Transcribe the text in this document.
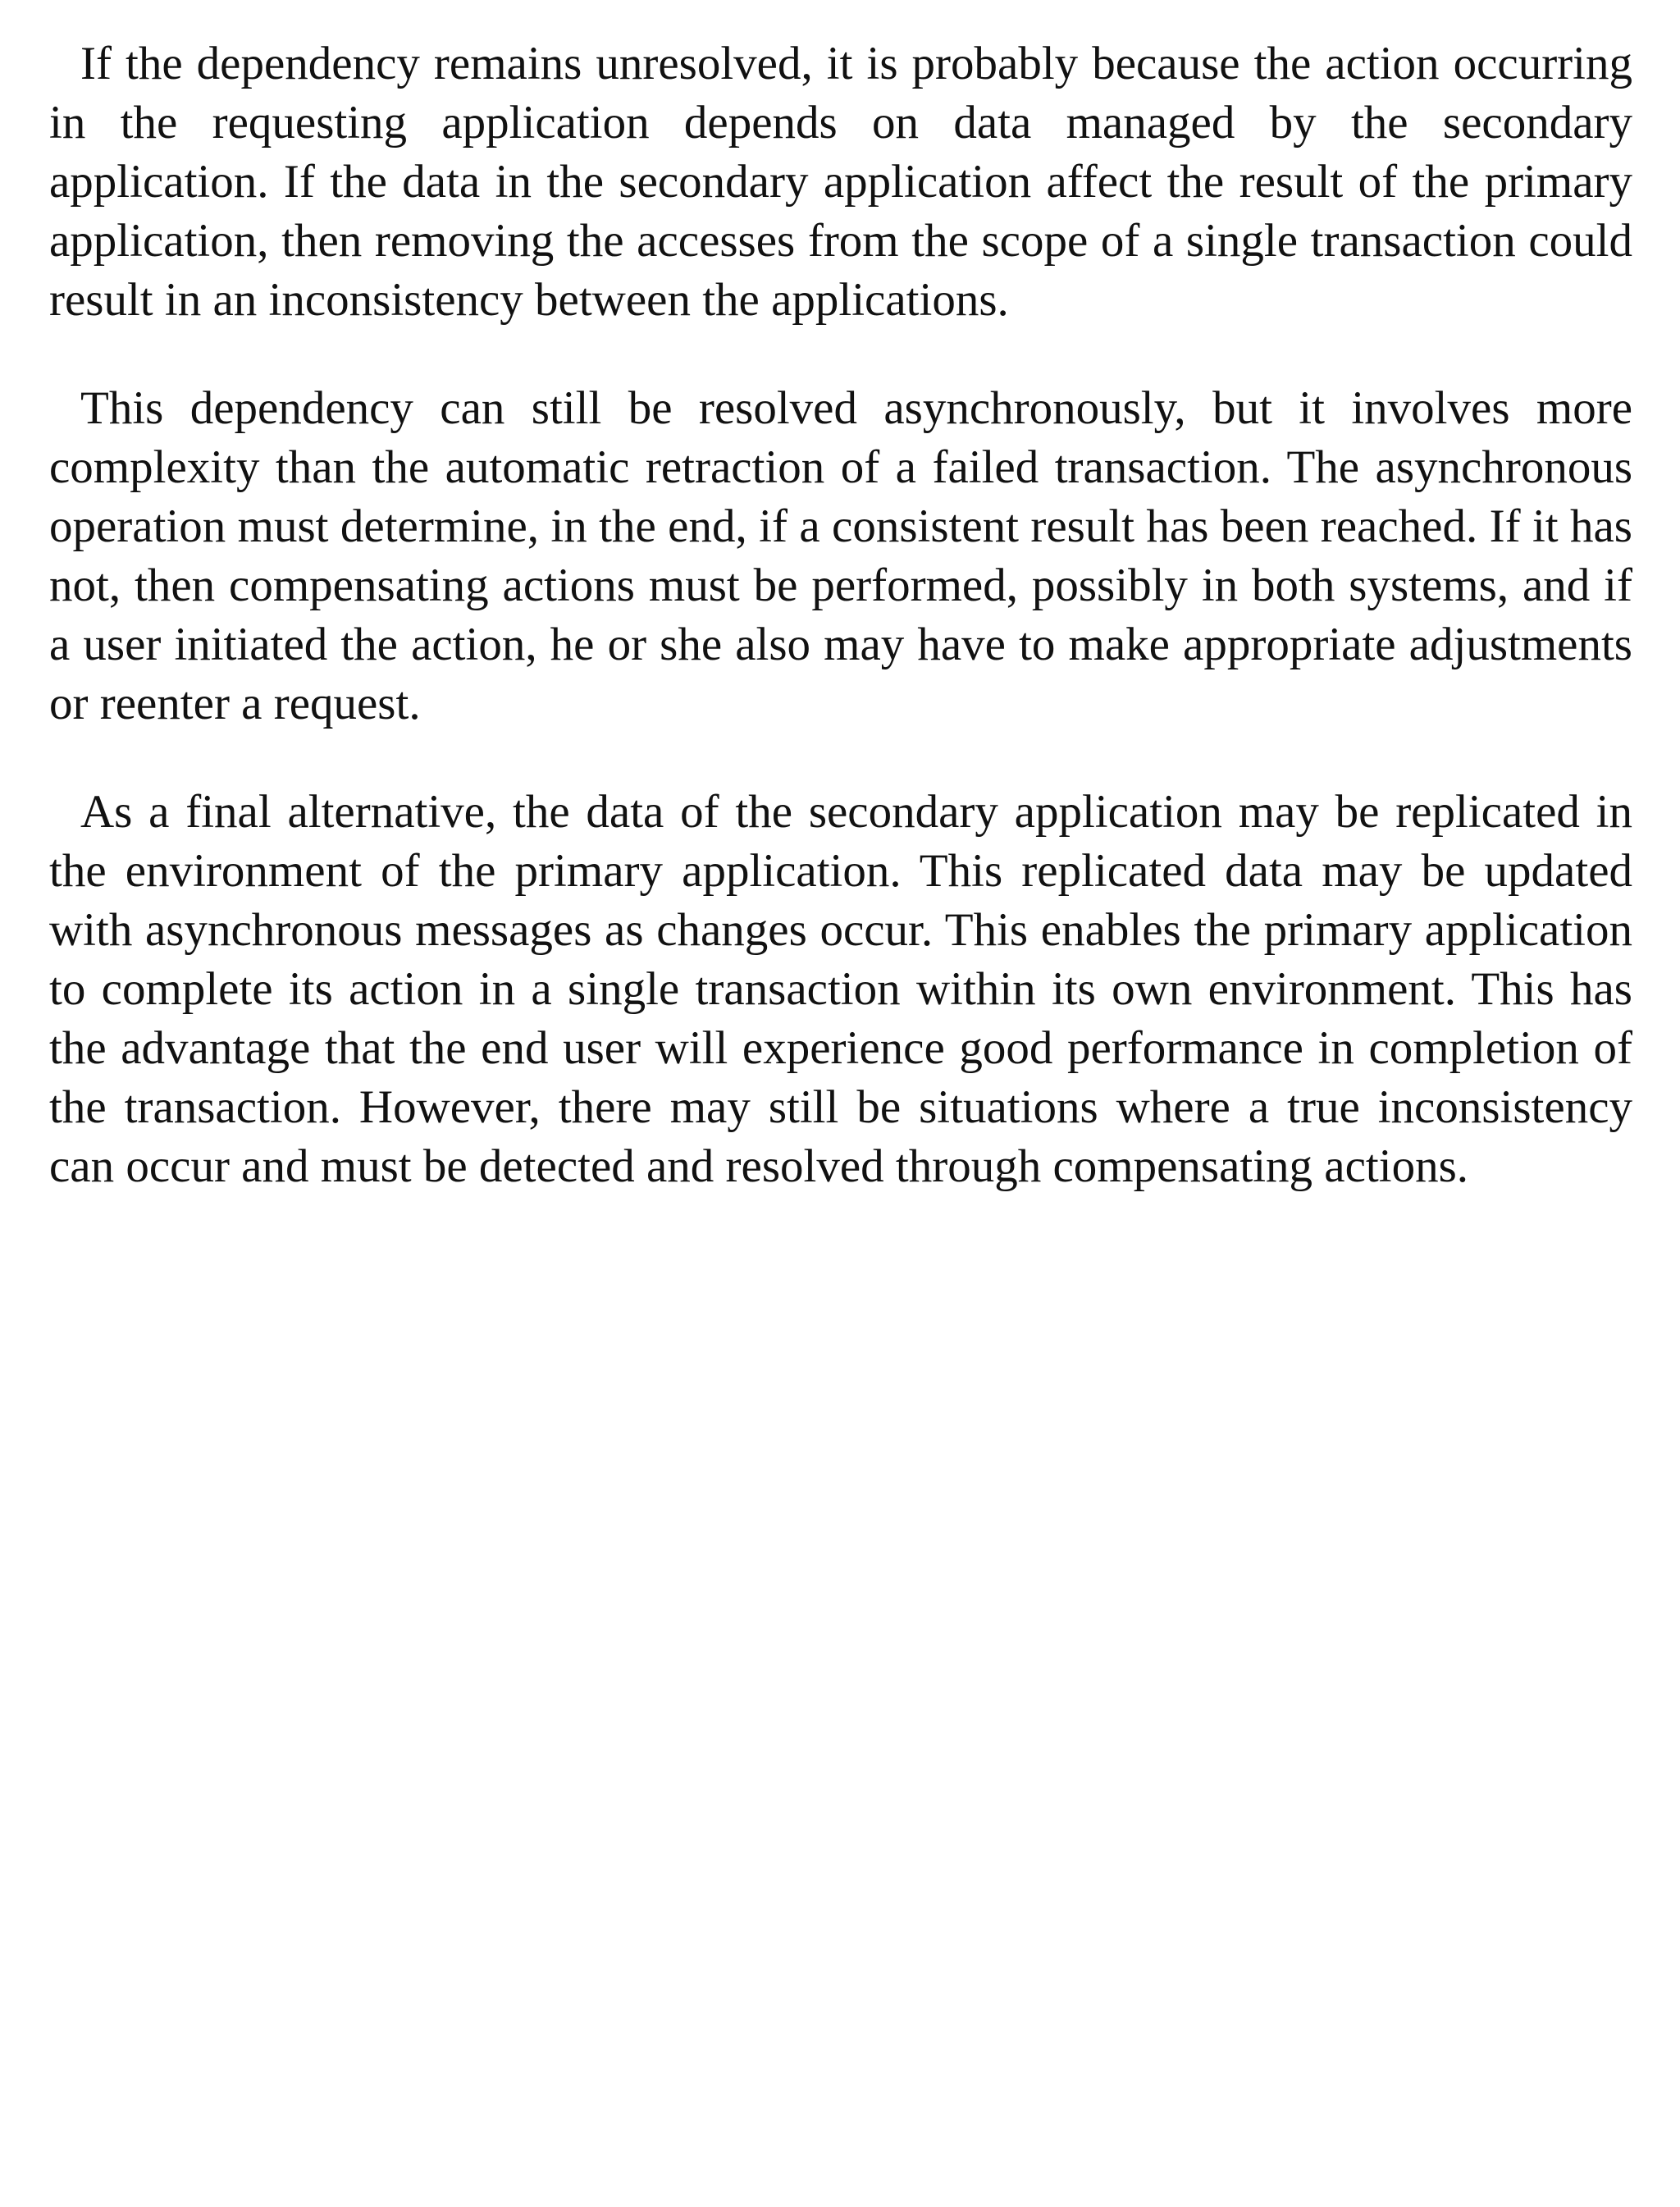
If the dependency remains unresolved, it is probably because the action occurring in the requesting application depends on data managed by the secondary application. If the data in the secondary application affect the result of the primary application, then removing the accesses from the scope of a single transaction could result in an inconsistency between the applications.

This dependency can still be resolved asynchronously, but it involves more complexity than the automatic retraction of a failed transaction. The asynchronous operation must determine, in the end, if a consistent result has been reached. If it has not, then compensating actions must be performed, possibly in both systems, and if a user initiated the action, he or she also may have to make appropriate adjustments or reenter a request.

As a final alternative, the data of the secondary application may be replicated in the environment of the primary application. This replicated data may be updated with asynchronous messages as changes occur. This enables the primary application to complete its action in a single transaction within its own environment. This has the advantage that the end user will experience good performance in completion of the transaction. However, there may still be situations where a true inconsistency can occur and must be detected and resolved through compensating actions.
